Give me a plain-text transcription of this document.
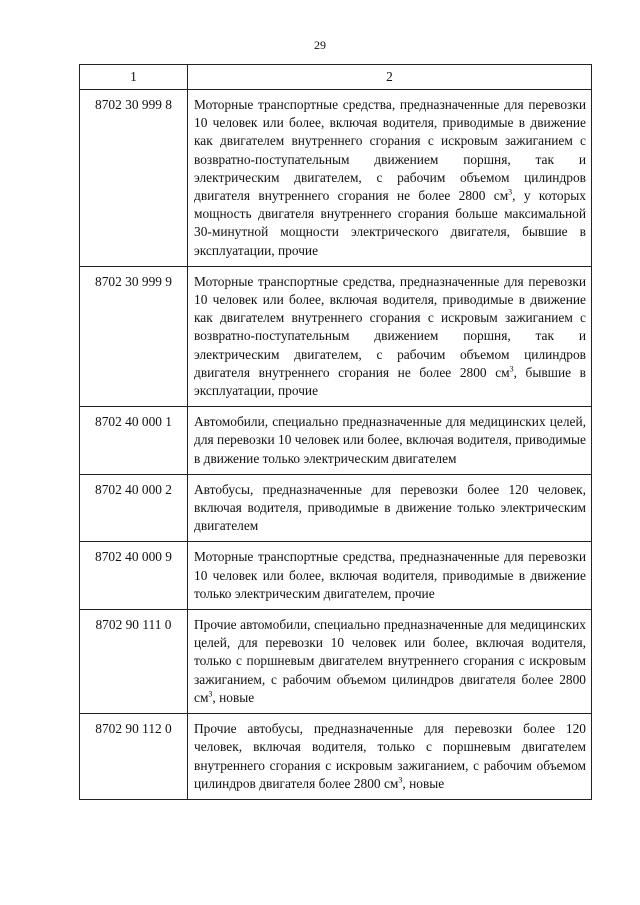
29
1	2
8702 30 999 8	Моторные транспортные средства, предназначенные для перевозки 10 человек или более, включая водителя, приводимые в движение как двигателем внутреннего сгорания с искровым зажиганием с возвратно-поступательным движением поршня, так и электрическим двигателем, с рабочим объемом цилиндров двигателя внутреннего сгорания не более 2800 $см^3$, у которых мощность двигателя внутреннего сгорания больше максимальной 30-минутной мощности электрического двигателя, бывшие в эксплуатации, прочие
8702 30 999 9	Моторные транспортные средства, предназначенные для перевозки 10 человек или более, включая водителя, приводимые в движение как двигателем внутреннего сгорания с искровым зажиганием с возвратно-поступательным движением поршня, так и электрическим двигателем, с рабочим объемом цилиндров двигателя внутреннего сгорания не более 2800 $см^3$, бывшие в эксплуатации, прочие
8702 40 000 1	Автомобили, специально предназначенные для медицинских целей, для перевозки 10 человек или более, включая водителя, приводимые в движение только электрическим двигателем
8702 40 000 2	Автобусы, предназначенные для перевозки более 120 человек, включая водителя, приводимые в движение только электрическим двигателем
8702 40 000 9	Моторные транспортные средства, предназначенные для перевозки 10 человек или более, включая водителя, приводимые в движение только электрическим двигателем, прочие
8702 90 111 0	Прочие автомобили, специально предназначенные для медицинских целей, для перевозки 10 человек или более, включая водителя, только с поршневым двигателем внутреннего сгорания с искровым зажиганием, с рабочим объемом цилиндров двигателя более 2800 $см^3$, новые
8702 90 112 0	Прочие автобусы, предназначенные для перевозки более 120 человек, включая водителя, только с поршневым двигателем внутреннего сгорания с искровым зажиганием, с рабочим объемом цилиндров двигателя более 2800 $см^3$, новые
